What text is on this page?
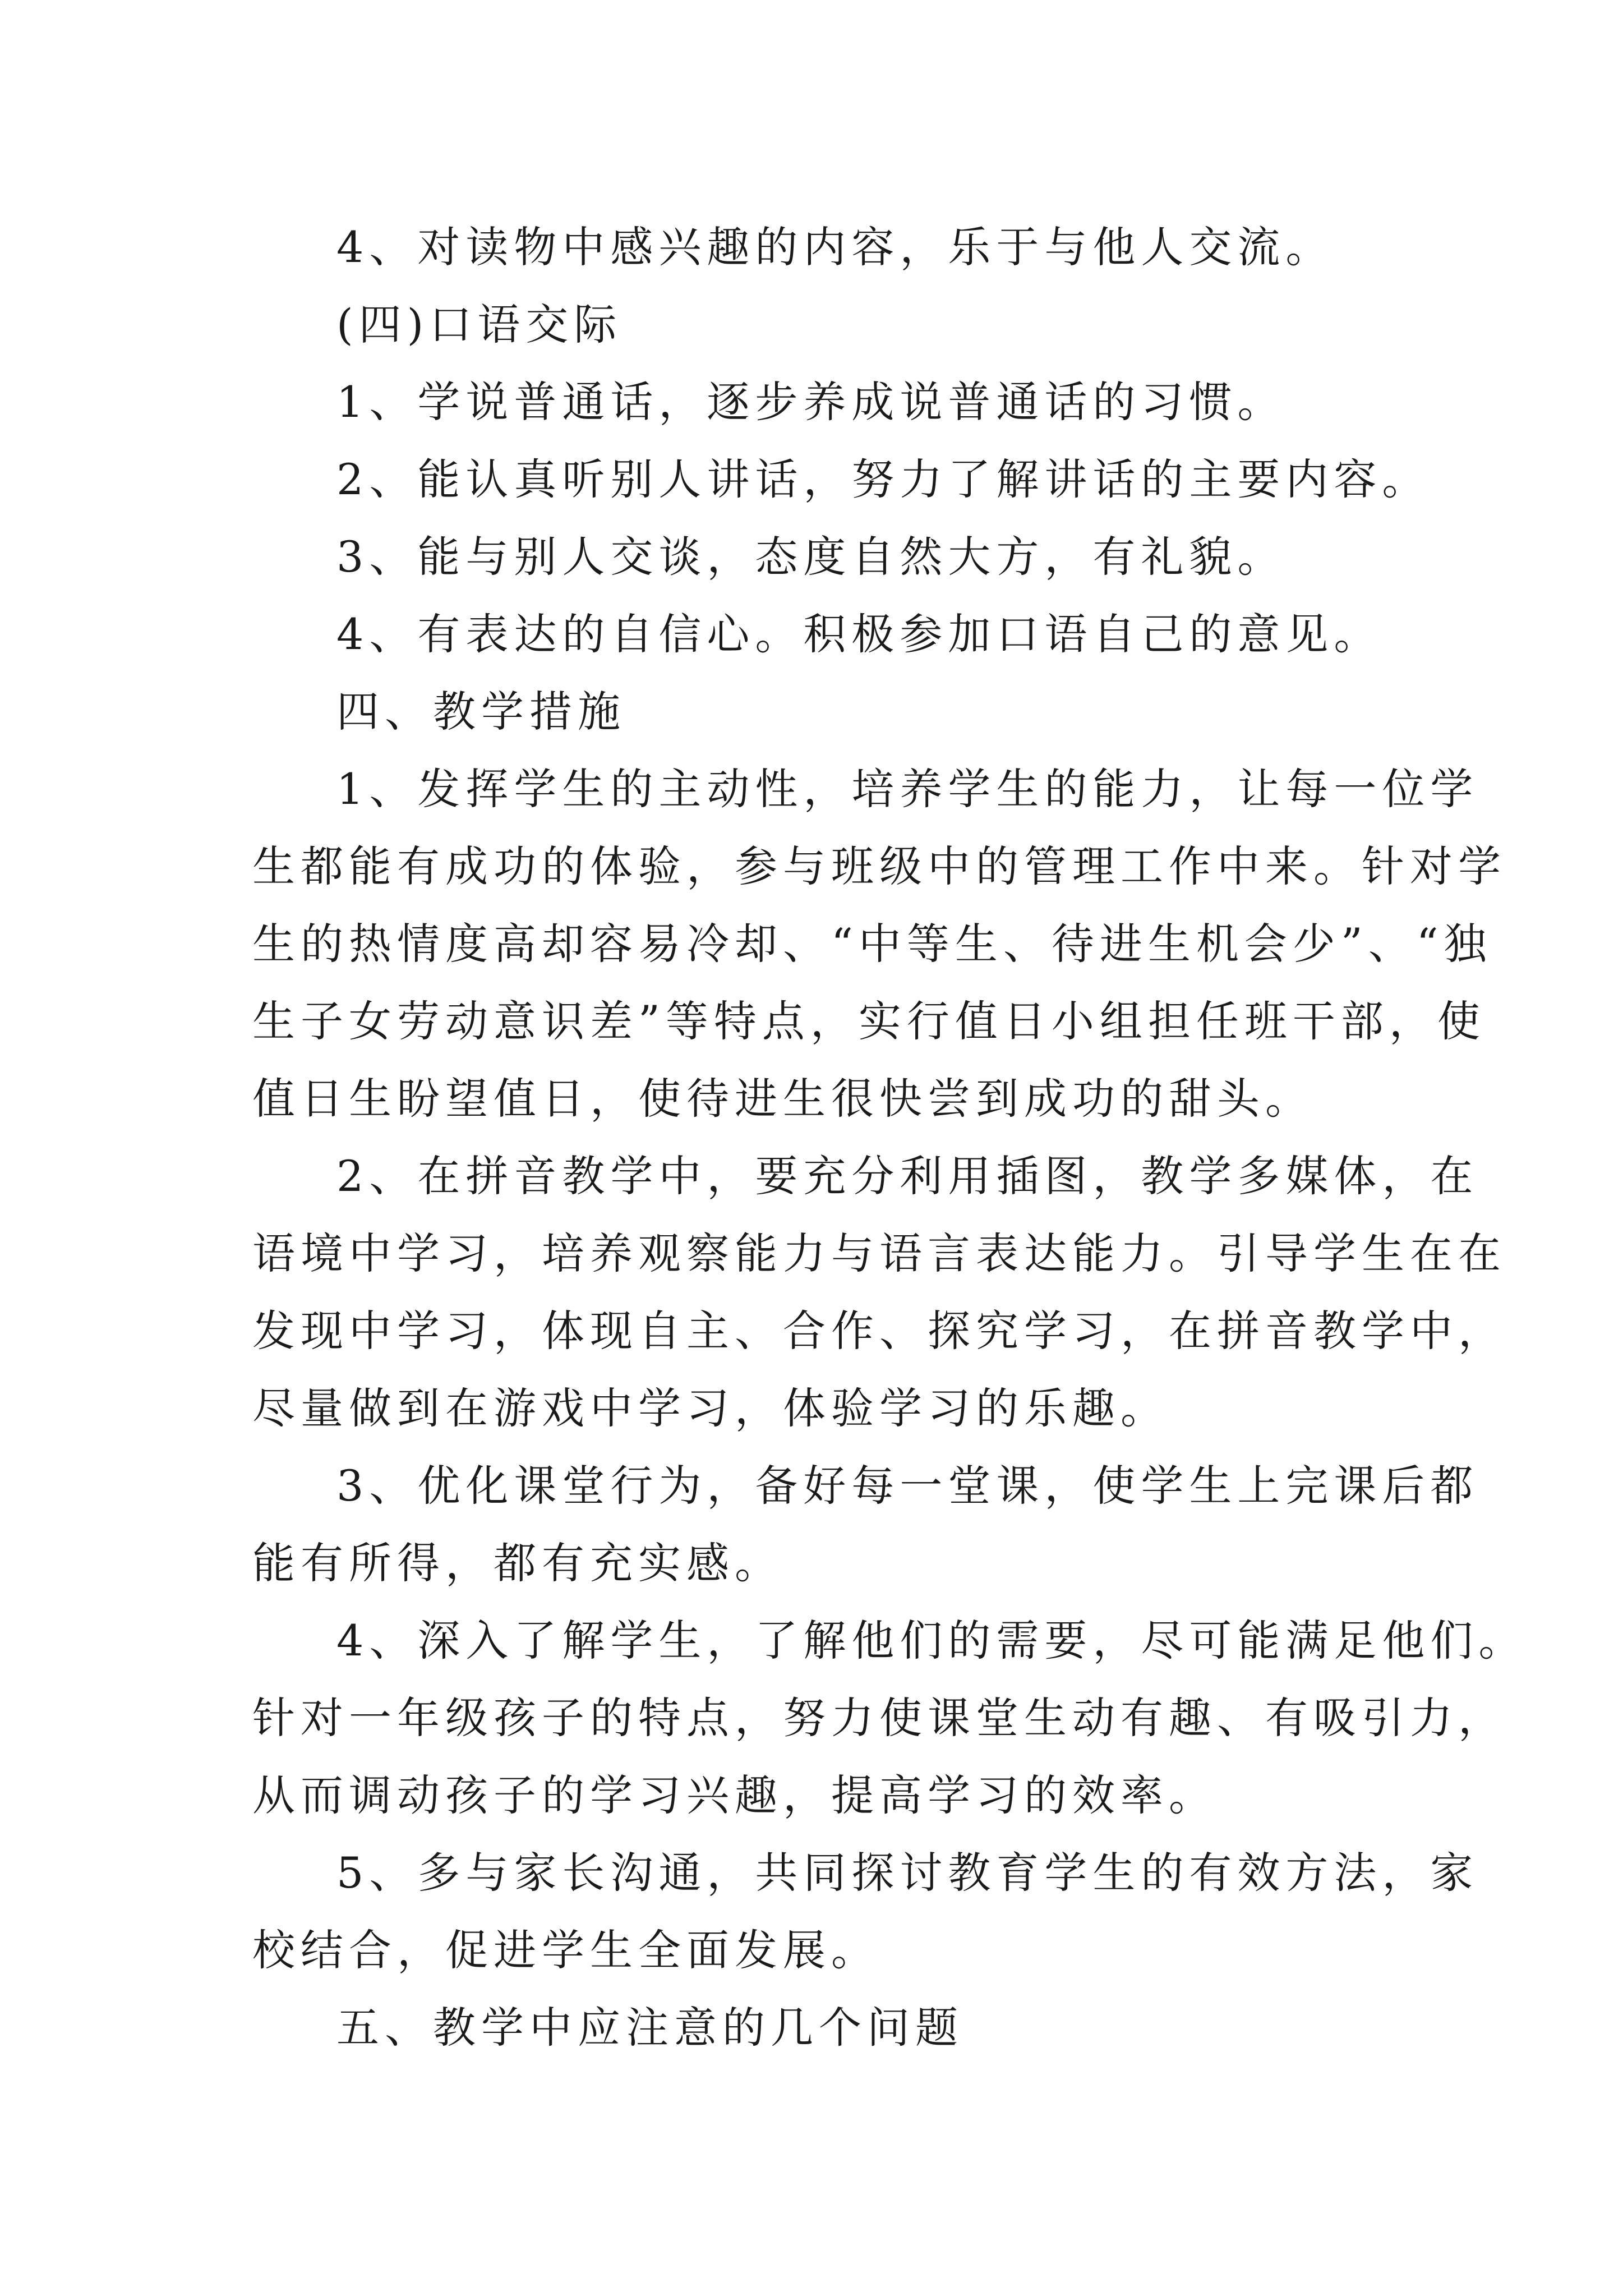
4、对读物中感兴趣的内容，乐于与他人交流。

(四)口语交际

1、学说普通话，逐步养成说普通话的习惯。

2、能认真听别人讲话，努力了解讲话的主要内容。

3、能与别人交谈，态度自然大方，有礼貌。

4、有表达的自信心。积极参加口语自己的意见。

四、教学措施

1、发挥学生的主动性，培养学生的能力，让每一位学

生都能有成功的体验，参与班级中的管理工作中来。针对学

生的热情度高却容易冷却、“中等生、待进生机会少”、“独

生子女劳动意识差”等特点，实行值日小组担任班干部，使

值日生盼望值日，使待进生很快尝到成功的甜头。

2、在拼音教学中，要充分利用插图，教学多媒体，在

语境中学习，培养观察能力与语言表达能力。引导学生在在

发现中学习，体现自主、合作、探究学习，在拼音教学中，

尽量做到在游戏中学习，体验学习的乐趣。

3、优化课堂行为，备好每一堂课，使学生上完课后都

能有所得，都有充实感。

4、深入了解学生，了解他们的需要，尽可能满足他们。

针对一年级孩子的特点，努力使课堂生动有趣、有吸引力，

从而调动孩子的学习兴趣，提高学习的效率。

5、多与家长沟通，共同探讨教育学生的有效方法，家

校结合，促进学生全面发展。

五、教学中应注意的几个问题
